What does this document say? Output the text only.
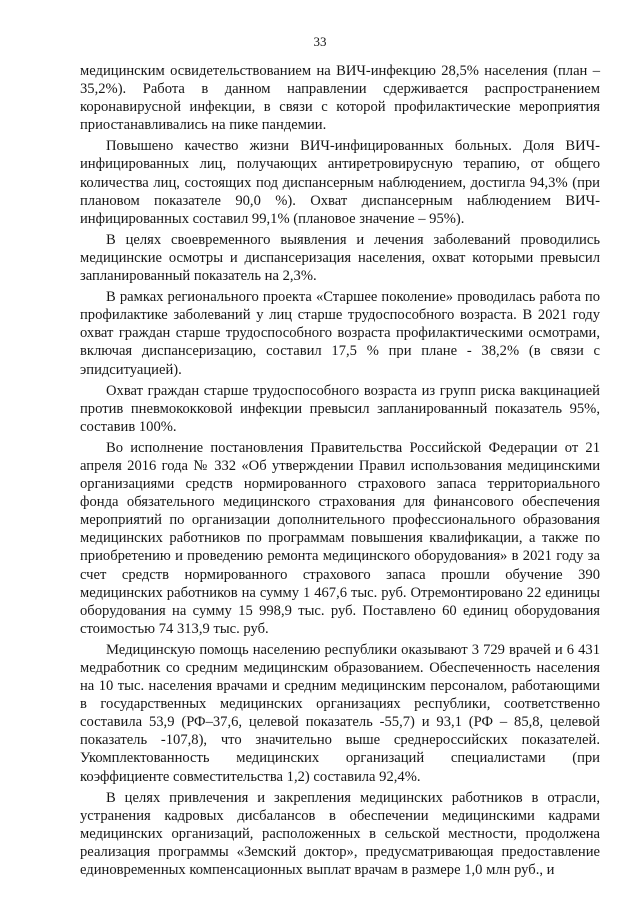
33

медицинским освидетельствованием на ВИЧ-инфекцию 28,5% населения (план – 35,2%). Работа в данном направлении сдерживается распространением коронавирусной инфекции, в связи с которой профилактические мероприятия приостанавливались на пике пандемии.

Повышено качество жизни ВИЧ-инфицированных больных. Доля ВИЧ-инфицированных лиц, получающих антиретровирусную терапию, от общего количества лиц, состоящих под диспансерным наблюдением, достигла 94,3% (при плановом показателе 90,0 %). Охват диспансерным наблюдением ВИЧ-инфицированных составил 99,1% (плановое значение – 95%).

В целях своевременного выявления и лечения заболеваний проводились медицинские осмотры и диспансеризация населения, охват которыми превысил запланированный показатель на 2,3%.

В рамках регионального проекта «Старшее поколение» проводилась работа по профилактике заболеваний у лиц старше трудоспособного возраста. В 2021 году охват граждан старше трудоспособного возраста профилактическими осмотрами, включая диспансеризацию, составил 17,5 % при плане - 38,2% (в связи с эпидситуацией).

Охват граждан старше трудоспособного возраста из групп риска вакцинацией против пневмококковой инфекции превысил запланированный показатель 95%, составив 100%.

Во исполнение постановления Правительства Российской Федерации от 21 апреля 2016 года № 332 «Об утверждении Правил использования медицинскими организациями средств нормированного страхового запаса территориального фонда обязательного медицинского страхования для финансового обеспечения мероприятий по организации дополнительного профессионального образования медицинских работников по программам повышения квалификации, а также по приобретению и проведению ремонта медицинского оборудования» в 2021 году за счет средств нормированного страхового запаса прошли обучение 390 медицинских работников на сумму 1 467,6 тыс. руб. Отремонтировано 22 единицы оборудования на сумму 15 998,9 тыс. руб. Поставлено 60 единиц оборудования стоимостью 74 313,9 тыс. руб.

Медицинскую помощь населению республики оказывают 3 729 врачей и 6 431 медработник со средним медицинским образованием. Обеспеченность населения на 10 тыс. населения врачами и средним медицинским персоналом, работающими в государственных медицинских организациях республики, соответственно составила 53,9 (РФ–37,6, целевой показатель -55,7) и 93,1 (РФ – 85,8, целевой показатель -107,8), что значительно выше среднероссийских показателей. Укомплектованность медицинских организаций специалистами (при коэффициенте совместительства 1,2) составила 92,4%.

В целях привлечения и закрепления медицинских работников в отрасли, устранения кадровых дисбалансов в обеспечении медицинскими кадрами медицинских организаций, расположенных в сельской местности, продолжена реализация программы «Земский доктор», предусматривающая предоставление единовременных компенсационных выплат врачам в размере 1,0 млн руб., и
